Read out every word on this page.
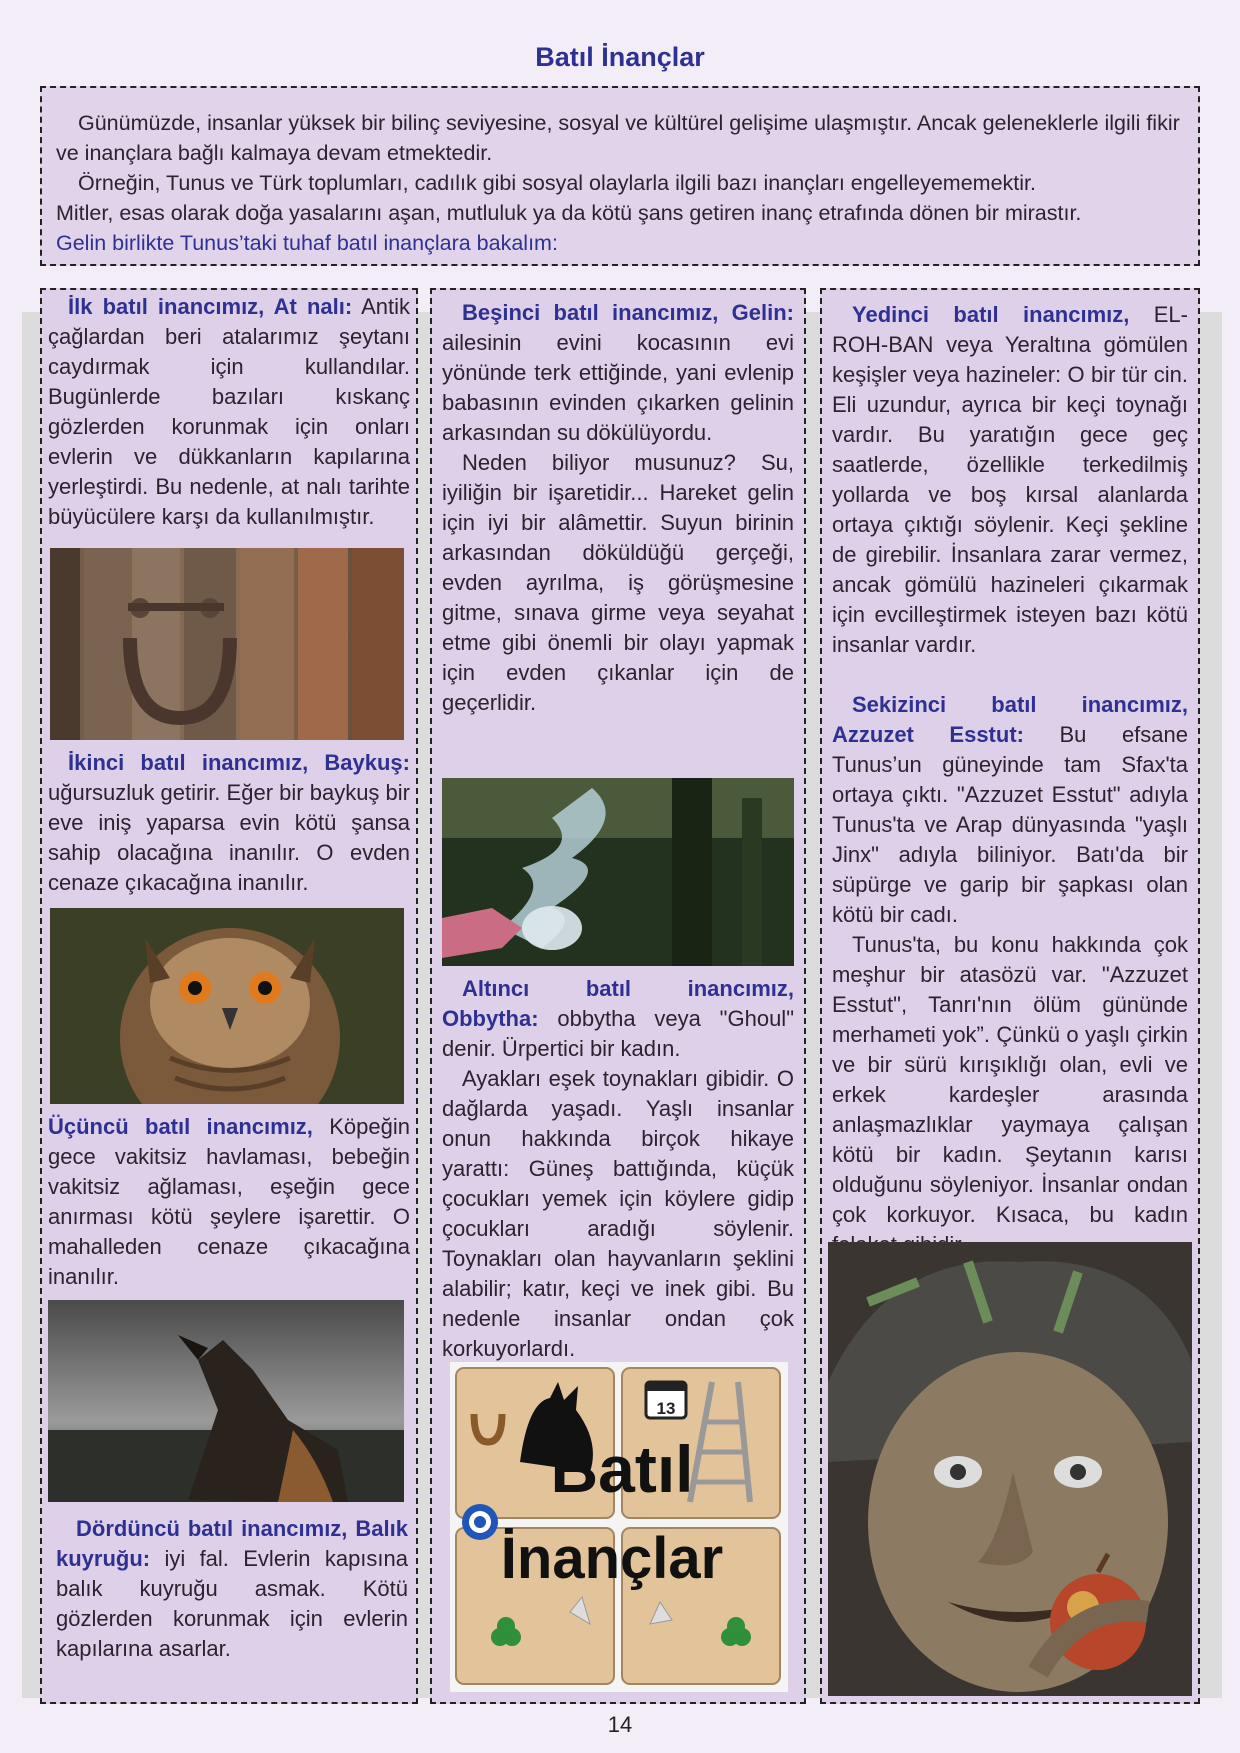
Batıl İnançlar

Günümüzde, insanlar yüksek bir bilinç seviyesine, sosyal ve kültürel gelişime ulaşmıştır. Ancak geleneklerle ilgili fikir ve inançlara bağlı kalmaya devam etmektedir.

Örneğin, Tunus ve Türk toplumları, cadılık gibi sosyal olaylarla ilgili bazı inançları engelleyememektir.

Mitler, esas olarak doğa yasalarını aşan, mutluluk ya da kötü şans getiren inanç etrafında dönen bir mirastır.

Gelin birlikte Tunus’taki tuhaf batıl inançlara bakalım:

İlk batıl inancımız, At nalı: Antik çağlardan beri atalarımız şeytanı caydırmak için kullandılar. Bugünlerde bazıları kıskanç gözlerden korunmak için onları evlerin ve dükkanların kapılarına yerleştirdi. Bu nedenle, at nalı tarihte büyücülere karşı da kullanılmıştır.

İkinci batıl inancımız, Baykuş: uğursuzluk getirir. Eğer bir baykuş bir eve iniş yaparsa evin kötü şansa sahip olacağına inanılır. O evden cenaze çıkacağına inanılır.

Üçüncü batıl inancımız, Köpeğin gece vakitsiz havlaması, bebeğin vakitsiz ağlaması, eşeğin gece anırması kötü şeylere işarettir. O mahalleden cenaze çıkacağına inanılır.

Dördüncü batıl inancımız, Balık kuyruğu: iyi fal. Evlerin kapısına balık kuyruğu asmak. Kötü gözlerden korunmak için evlerin kapılarına asarlar.

Beşinci batıl inancımız, Gelin: ailesinin evini kocasının evi yönünde terk ettiğinde, yani evlenip babasının evinden çıkarken gelinin arkasından su dökülüyordu.

Neden biliyor musunuz? Su, iyiliğin bir işaretidir... Hareket gelin için iyi bir alâmettir. Suyun birinin arkasından döküldüğü gerçeği, evden ayrılma, iş görüşmesine gitme, sınava girme veya seyahat etme gibi önemli bir olayı yapmak için evden çıkanlar için de geçerlidir.

Altıncı batıl inancımız, Obbytha: obbytha veya "Ghoul" denir. Ürpertici bir kadın.

Ayakları eşek toynakları gibidir. O dağlarda yaşadı. Yaşlı insanlar onun hakkında birçok hikaye yarattı: Güneş battığında, küçük çocukları yemek için köylere gidip çocukları aradığı söylenir. Toynakları olan hayvanların şeklini alabilir; katır, keçi ve inek gibi. Bu nedenle insanlar ondan çok korkuyorlardı.

13
Batıl
İnançlar

Yedinci batıl inancımız, EL-ROH-BAN veya Yeraltına gömülen keşişler veya hazineler: O bir tür cin. Eli uzundur, ayrıca bir keçi toynağı vardır. Bu yaratığın gece geç saatlerde, özellikle terkedilmiş yollarda ve boş kırsal alanlarda ortaya çıktığı söylenir. Keçi şekline de girebilir. İnsanlara zarar vermez, ancak gömülü hazineleri çıkarmak için evcilleştirmek isteyen bazı kötü insanlar vardır.

Sekizinci batıl inancımız, Azzuzet Esstut: Bu efsane Tunus’un güneyinde tam Sfax'ta ortaya çıktı. "Azzuzet Esstut" adıyla Tunus'ta ve Arap dünyasında "yaşlı Jinx" adıyla biliniyor. Batı'da bir süpürge ve garip bir şapkası olan kötü bir cadı.

Tunus'ta, bu konu hakkında çok meşhur bir atasözü var. "Azzuzet Esstut", Tanrı'nın ölüm gününde merhameti yok”. Çünkü o yaşlı çirkin ve bir sürü kırışıklığı olan, evli ve erkek kardeşler arasında anlaşmazlıklar yaymaya çalışan kötü bir kadın. Şeytanın karısı olduğunu söyleniyor. İnsanlar ondan çok korkuyor. Kısaca, bu kadın

14
